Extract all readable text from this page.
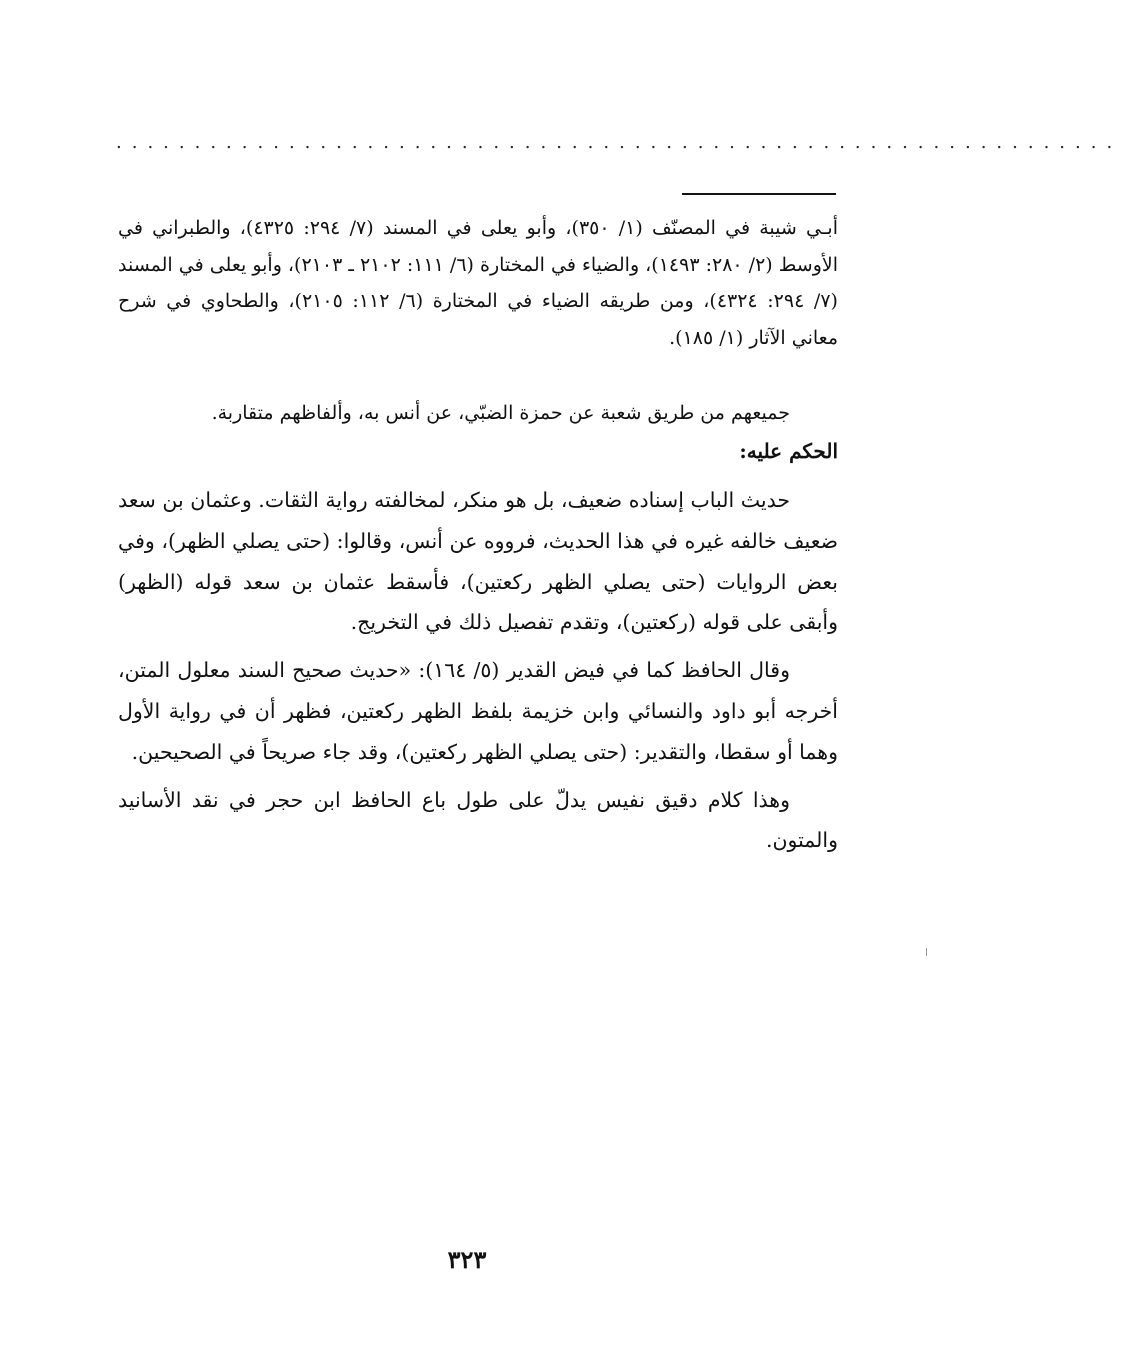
................................................................

أبـي شيبة في المصنّف (١/ ٣٥٠)، وأبو يعلى في المسند (٧/ ٢٩٤: ٤٣٢٥)، والطبراني في الأوسط (٢/ ٢٨٠: ١٤٩٣)، والضياء في المختارة (٦/ ١١١: ٢١٠٢ ـ ٢١٠٣)، وأبو يعلى في المسند (٧/ ٢٩٤: ٤٣٢٤)، ومن طريقه الضياء في المختارة (٦/ ١١٢: ٢١٠٥)، والطحاوي في شرح معاني الآثار (١/ ١٨٥).

جميعهم من طريق شعبة عن حمزة الضبّي، عن أنس به، وألفاظهم متقاربة.

الحكم عليه:

حديث الباب إسناده ضعيف، بل هو منكر، لمخالفته رواية الثقات. وعثمان بن سعد ضعيف خالفه غيره في هذا الحديث، فرووه عن أنس، وقالوا: (حتى يصلي الظهر)، وفي بعض الروايات (حتى يصلي الظهر ركعتين)، فأسقط عثمان بن سعد قوله (الظهر) وأبقى على قوله (ركعتين)، وتقدم تفصيل ذلك في التخريج.

وقال الحافظ كما في فيض القدير (٥/ ١٦٤): «حديث صحيح السند معلول المتن، أخرجه أبو داود والنسائي وابن خزيمة بلفظ الظهر ركعتين، فظهر أن في رواية الأول وهما أو سقطا، والتقدير: (حتى يصلي الظهر ركعتين)، وقد جاء صريحاً في الصحيحين.

وهذا كلام دقيق نفيس يدلّ على طول باع الحافظ ابن حجر في نقد الأسانيد والمتون.

٣٢٣
